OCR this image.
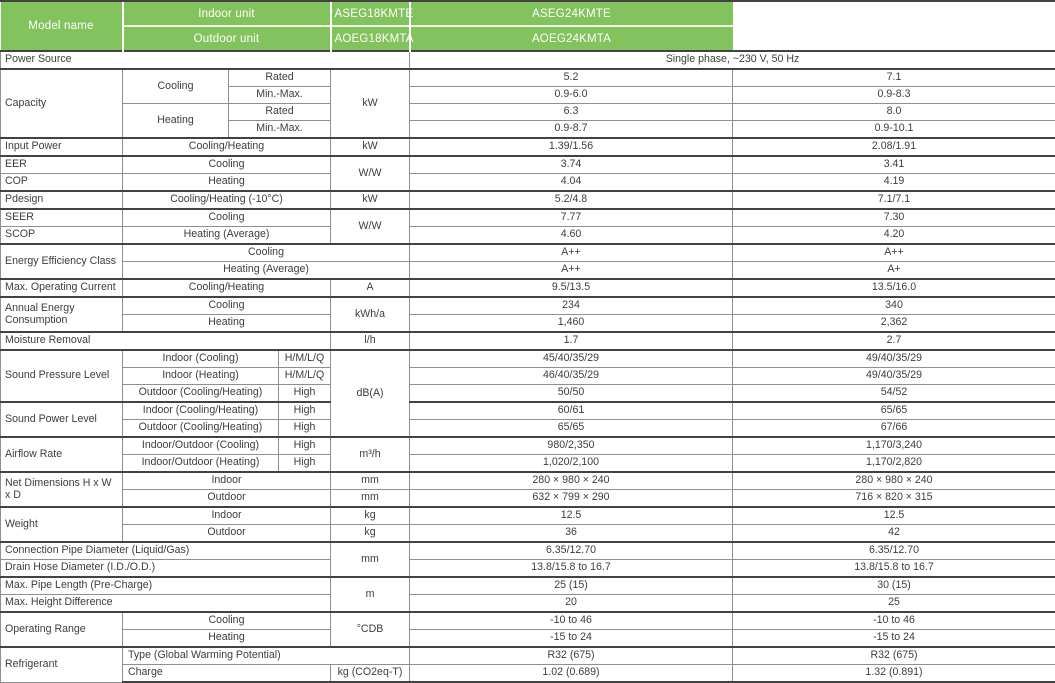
Model name	Indoor unit			ASEG18KMTE	ASEG24KMTE	
	Outdoor unit			AOEG18KMTA	AOEG24KMTA	
Power Source					Single phase, ~230 V, 50 Hz	
Capacity	Cooling	Rated		kW	5.2	7.1
		Min.-Max.			0.9-6.0	0.9-8.3
	Heating	Rated			6.3	8.0
		Min.-Max.			0.9-8.7	0.9-10.1
Input Power	Cooling/Heating			kW	1.39/1.56	2.08/1.91
EER	Cooling			W/W	3.74	3.41
COP	Heating				4.04	4.19
Pdesign	Cooling/Heating (-10°C)			kW	5.2/4.8	7.1/7.1
SEER	Cooling			W/W	7.77	7.30
SCOP	Heating (Average)				4.60	4.20
Energy Efficiency Class	Cooling				A++	A++
	Heating (Average)				A++	A+
Max. Operating Current	Cooling/Heating			A	9.5/13.5	13.5/16.0
Annual Energy Consumption	Cooling			kWh/a	234	340
	Heating				1,460	2,362
Moisture Removal				l/h	1.7	2.7
Sound Pressure Level	Indoor (Cooling)		H/M/L/Q	dB(A)	45/40/35/29	49/40/35/29
	Indoor (Heating)		H/M/L/Q		46/40/35/29	49/40/35/29
	Outdoor (Cooling/Heating)		High		50/50	54/52
Sound Power Level	Indoor (Cooling/Heating)		High		60/61	65/65
	Outdoor (Cooling/Heating)		High		65/65	67/66
Airflow Rate	Indoor/Outdoor (Cooling)		High	m³/h	980/2,350	1,170/3,240
	Indoor/Outdoor (Heating)		High		1,020/2,100	1,170/2,820
Net Dimensions H x W x D	Indoor			mm	280 × 980 × 240	280 × 980 × 240
	Outdoor			mm	632 × 799 × 290	716 × 820 × 315
Weight	Indoor			kg	12.5	12.5
	Outdoor			kg	36	42
Connection Pipe Diameter (Liquid/Gas)				mm	6.35/12.70	6.35/12.70
Drain Hose Diameter (I.D./O.D.)					13.8/15.8 to 16.7	13.8/15.8 to 16.7
Max. Pipe Length (Pre-Charge)				m	25 (15)	30 (15)
Max. Height Difference					20	25
Operating Range	Cooling			°CDB	-10 to 46	-10 to 46
	Heating				-15 to 24	-15 to 24
Refrigerant	Type (Global Warming Potential)				R32 (675)	R32 (675)
	Charge			kg (CO2eq-T)	1.02 (0.689)	1.32 (0.891)
